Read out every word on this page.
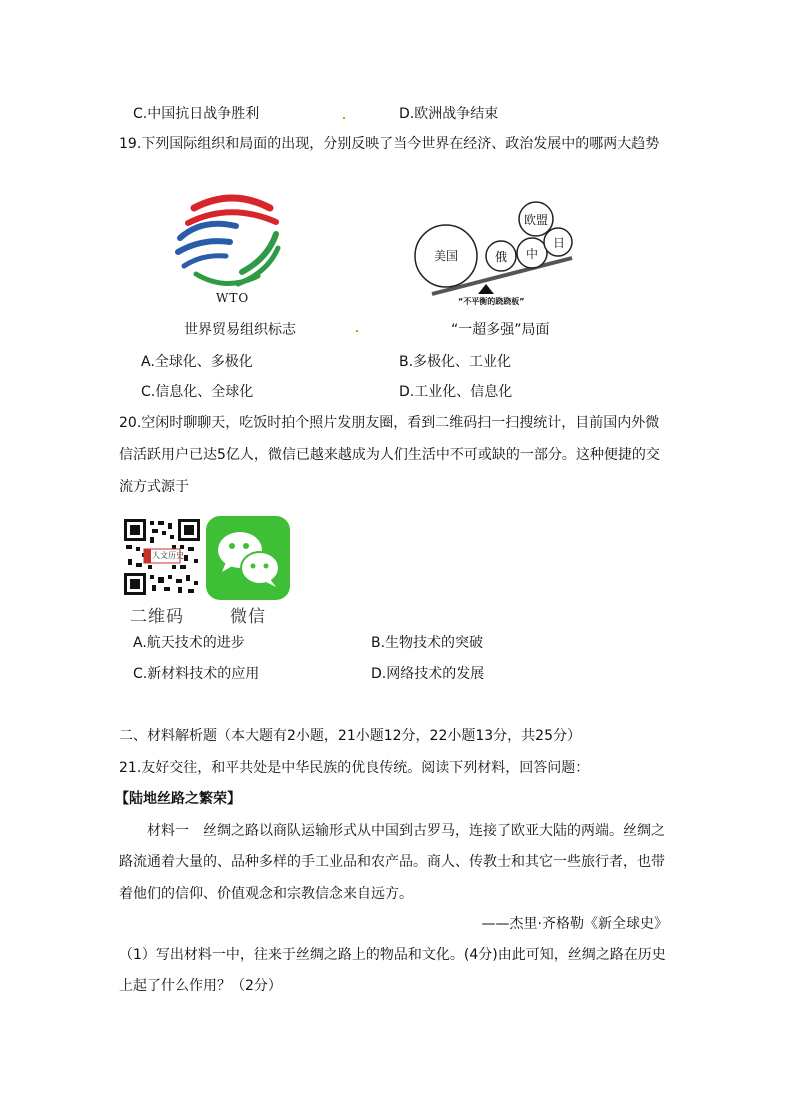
C.中国抗日战争胜利	D.欧洲战争结束
19.下列国际组织和局面的出现，分别反映了当今世界在经济、政治发展中的哪两大趋势
WTO
美国	俄 中
欧盟
日
“不平衡的跷跷板”
世界贸易组织标志	“一超多强”局面
A.全球化、多极化	B.多极化、工业化
C.信息化、全球化	D.工业化、信息化
20.空闲时聊聊天，吃饭时拍个照片发朋友圈，看到二维码扫一扫搜统计，目前国内外微
信活跃用户已达5亿人，微信已越来越成为人们生活中不可或缺的一部分。这种便捷的交
流方式源于
人文历史
二维码	微信
A.航天技术的进步	B.生物技术的突破
C.新材料技术的应用	D.网络技术的发展
二、材料解析题（本大题有2小题，21小题12分，22小题13分，共25分）
21.友好交往，和平共处是中华民族的优良传统。阅读下列材料，回答问题：
【陆地丝路之繁荣】
材料一　丝绸之路以商队运输形式从中国到古罗马，连接了欧亚大陆的两端。丝绸之
路流通着大量的、品种多样的手工业品和农产品。商人、传教士和其它一些旅行者，也带
着他们的信仰、价值观念和宗教信念来自远方。
——杰里·齐格勒《新全球史》
（1）写出材料一中，往来于丝绸之路上的物品和文化。(4分)由此可知，丝绸之路在历史
上起了什么作用？（2分）
